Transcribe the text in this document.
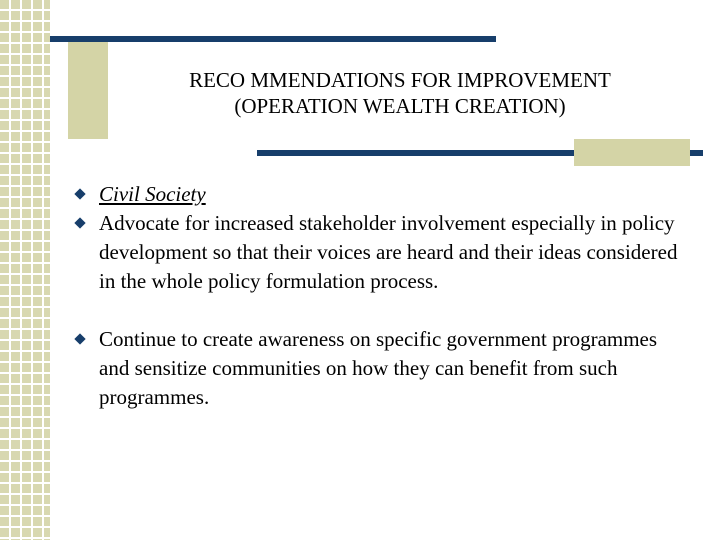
RECO MMENDATIONS FOR IMPROVEMENT
(OPERATION WEALTH CREATION)
Civil Society
Advocate for increased stakeholder involvement especially in policy development so that their voices are heard and their ideas considered in the whole policy formulation process.
Continue to create awareness on specific government programmes and sensitize communities on how they can benefit from such programmes.
